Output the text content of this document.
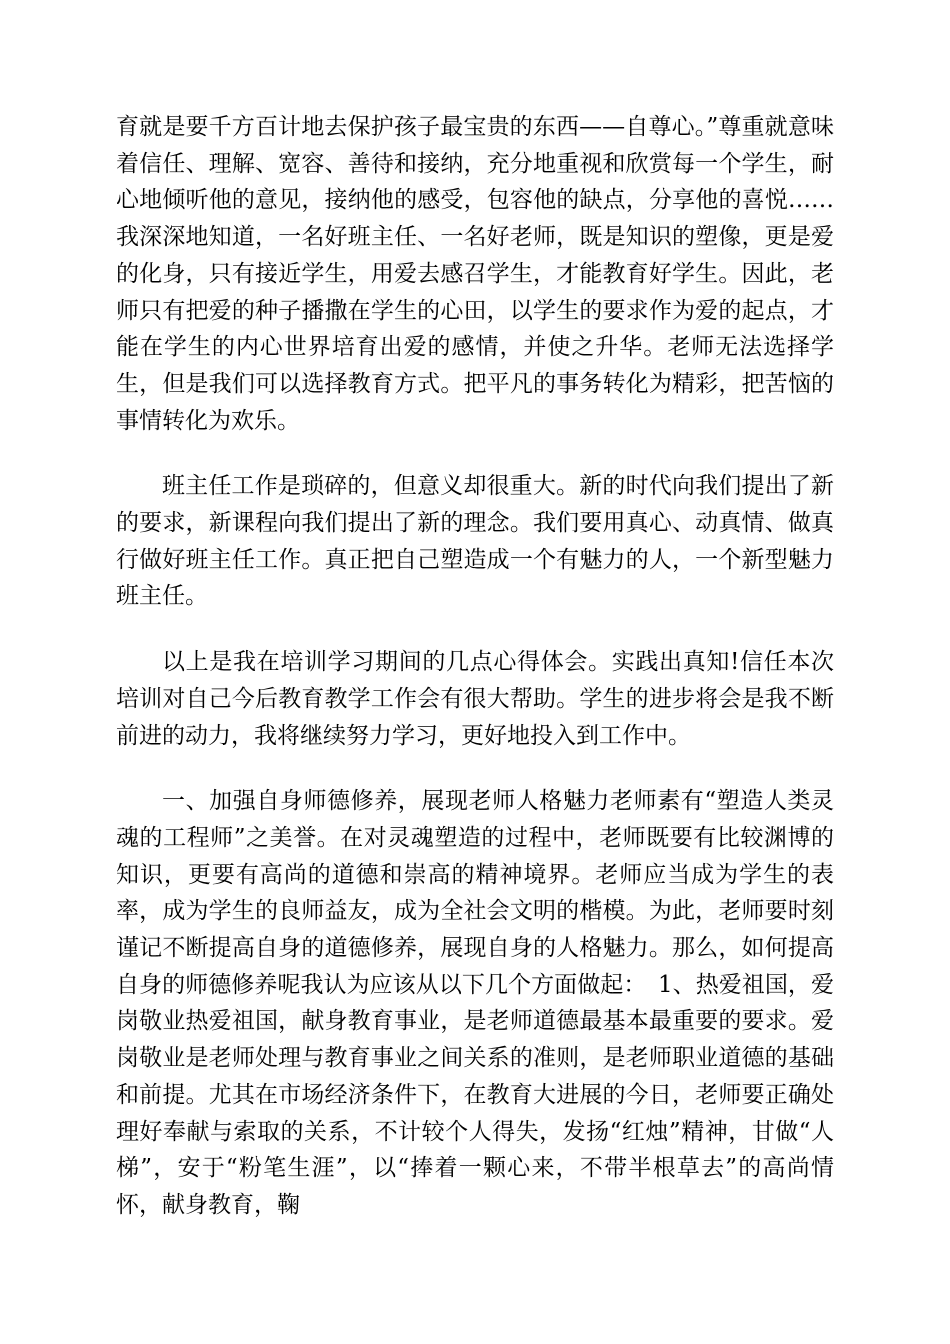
育就是要千方百计地去保护孩子最宝贵的东西——自尊心。”尊重就意味着信任、理解、宽容、善待和接纳，充分地重视和欣赏每一个学生，耐心地倾听他的意见，接纳他的感受，包容他的缺点，分享他的喜悦……我深深地知道，一名好班主任、一名好老师，既是知识的塑像，更是爱的化身，只有接近学生，用爱去感召学生，才能教育好学生。因此，老师只有把爱的种子播撒在学生的心田，以学生的要求作为爱的起点，才能在学生的内心世界培育出爱的感情，并使之升华。老师无法选择学生，但是我们可以选择教育方式。把平凡的事务转化为精彩，把苦恼的事情转化为欢乐。

班主任工作是琐碎的，但意义却很重大。新的时代向我们提出了新的要求，新课程向我们提出了新的理念。我们要用真心、动真情、做真行做好班主任工作。真正把自己塑造成一个有魅力的人，一个新型魅力班主任。

以上是我在培训学习期间的几点心得体会。实践出真知!信任本次培训对自己今后教育教学工作会有很大帮助。学生的进步将会是我不断前进的动力，我将继续努力学习，更好地投入到工作中。

一、加强自身师德修养，展现老师人格魅力老师素有“塑造人类灵魂的工程师”之美誉。在对灵魂塑造的过程中，老师既要有比较渊博的知识，更要有高尚的道德和崇高的精神境界。老师应当成为学生的表率，成为学生的良师益友，成为全社会文明的楷模。为此，老师要时刻谨记不断提高自身的道德修养，展现自身的人格魅力。那么，如何提高自身的师德修养呢我认为应该从以下几个方面做起：　1、热爱祖国，爱岗敬业热爱祖国，献身教育事业，是老师道德最基本最重要的要求。爱岗敬业是老师处理与教育事业之间关系的准则，是老师职业道德的基础和前提。尤其在市场经济条件下，在教育大进展的今日，老师要正确处理好奉献与索取的关系，不计较个人得失，发扬“红烛”精神，甘做“人梯”，安于“粉笔生涯”，以“捧着一颗心来，不带半根草去”的高尚情怀，献身教育，鞠
